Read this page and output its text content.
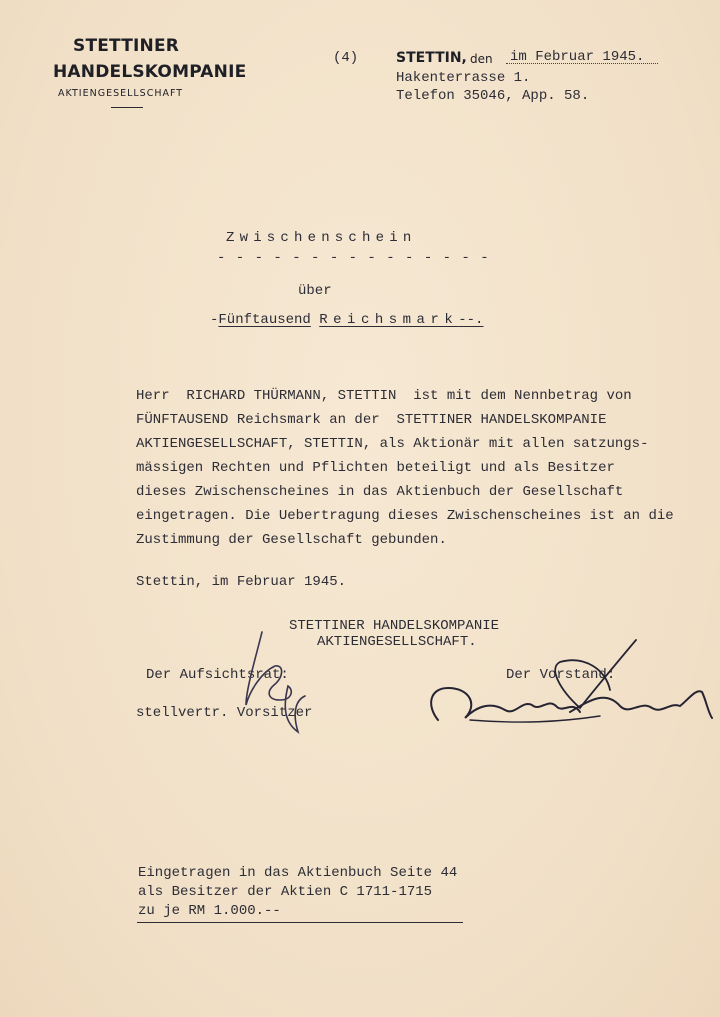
STETTINER
HANDELSKOMPANIE
AKTIENGESELLSCHAFT
(4)	STETTIN, den im Februar 1945.
Hakenterrasse 1.
Telefon 35046, App. 58.
Zwischenschein
- - - - - - - - - - - - - - -
über
-Fünftausend Reichsmark--.
Herr  RICHARD THÜRMANN, STETTIN  ist mit dem Nennbetrag von
FÜNFTAUSEND Reichsmark an der  STETTINER HANDELSKOMPANIE
AKTIENGESELLSCHAFT, STETTIN, als Aktionär mit allen satzungs-
mässigen Rechten und Pflichten beteiligt und als Besitzer
dieses Zwischenscheines in das Aktienbuch der Gesellschaft
eingetragen. Die Uebertragung dieses Zwischenscheines ist an die
Zustimmung der Gesellschaft gebunden.
Stettin, im Februar 1945.
STETTINER HANDELSKOMPANIE
AKTIENGESELLSCHAFT.
Der Aufsichtsrat:
stellvertr. Vorsitzer
Der Vorstand:
Eingetragen in das Aktienbuch Seite 44
als Besitzer der Aktien C 1711-1715
zu je RM 1.000.--
